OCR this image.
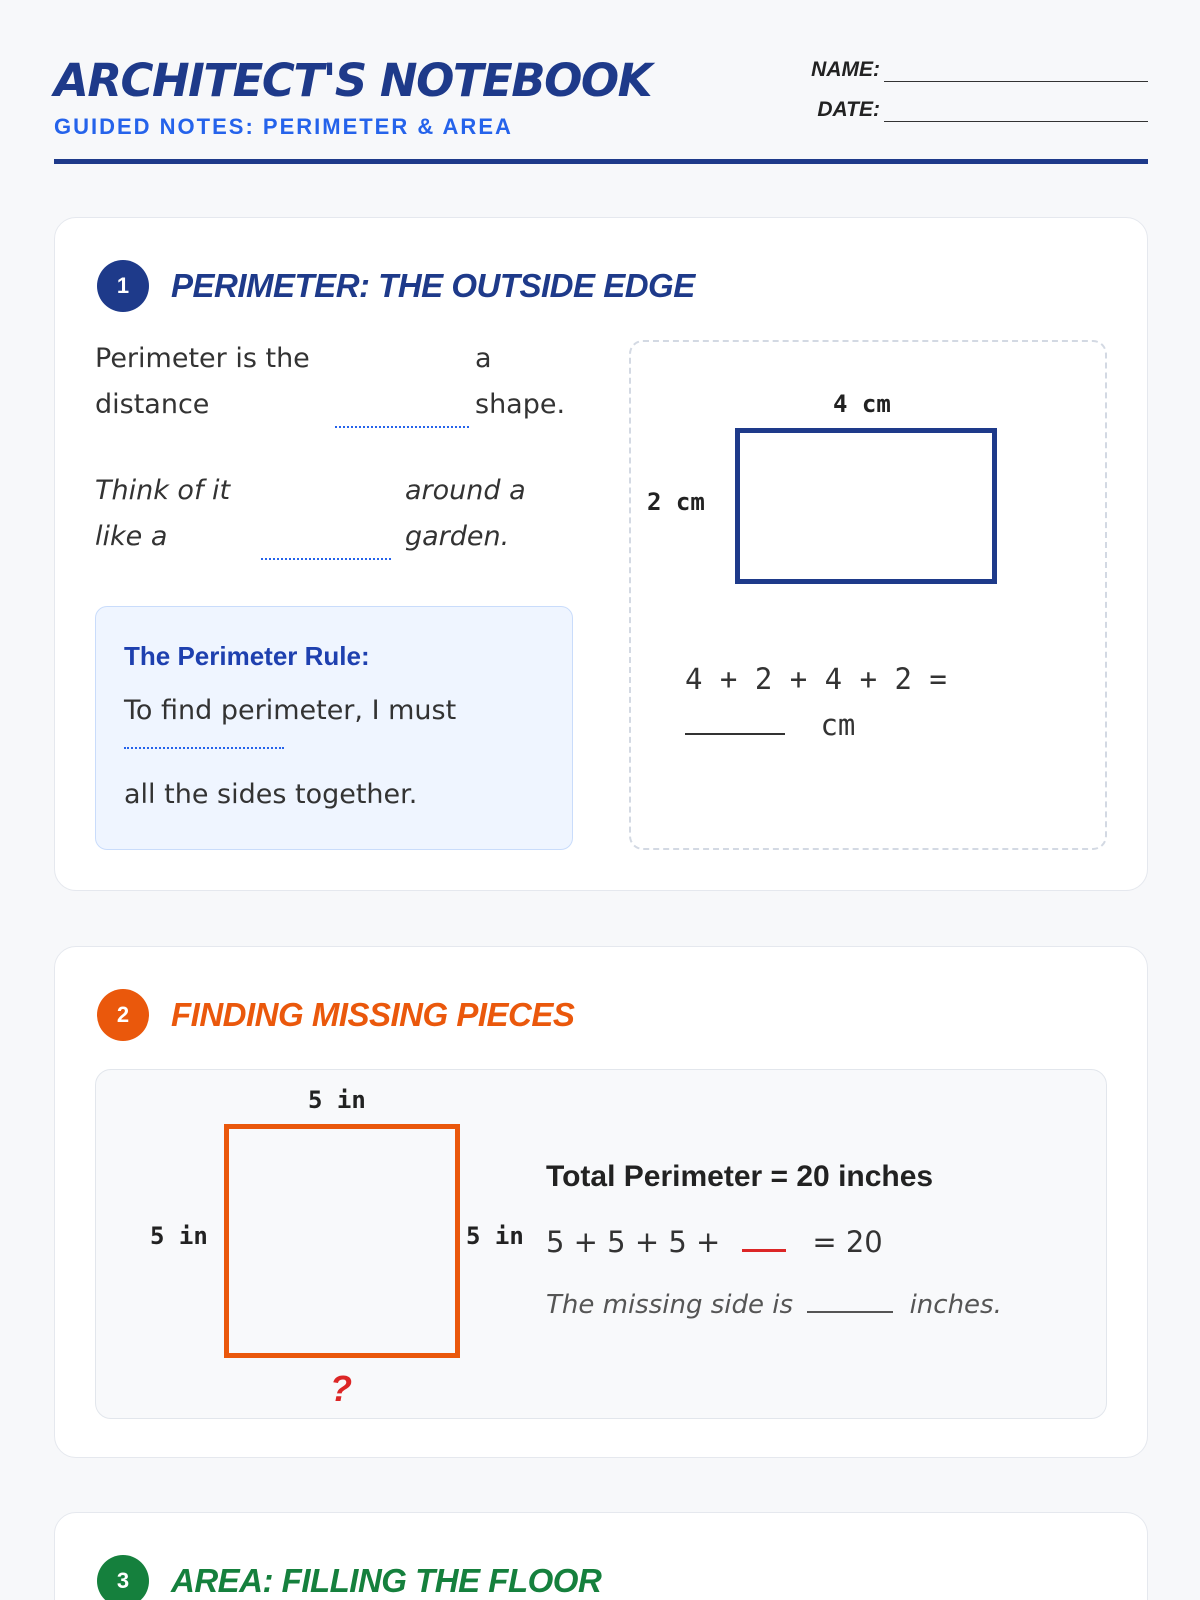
ARCHITECT'S NOTEBOOK
GUIDED NOTES: PERIMETER & AREA
NAME:
DATE:
1	PERIMETER: THE OUTSIDE EDGE
Perimeter is the	a
distance	shape.
Think of it	around a
like a	garden.
The Perimeter Rule:
To find perimeter, I must
all the sides together.
4 cm
2 cm
4 + 2 + 4 + 2 =
cm
2	FINDING MISSING PIECES
5 in
5 in	5 in
?
Total Perimeter = 20 inches
5 + 5 + 5 +	= 20
The missing side is	inches.
3	AREA: FILLING THE FLOOR
